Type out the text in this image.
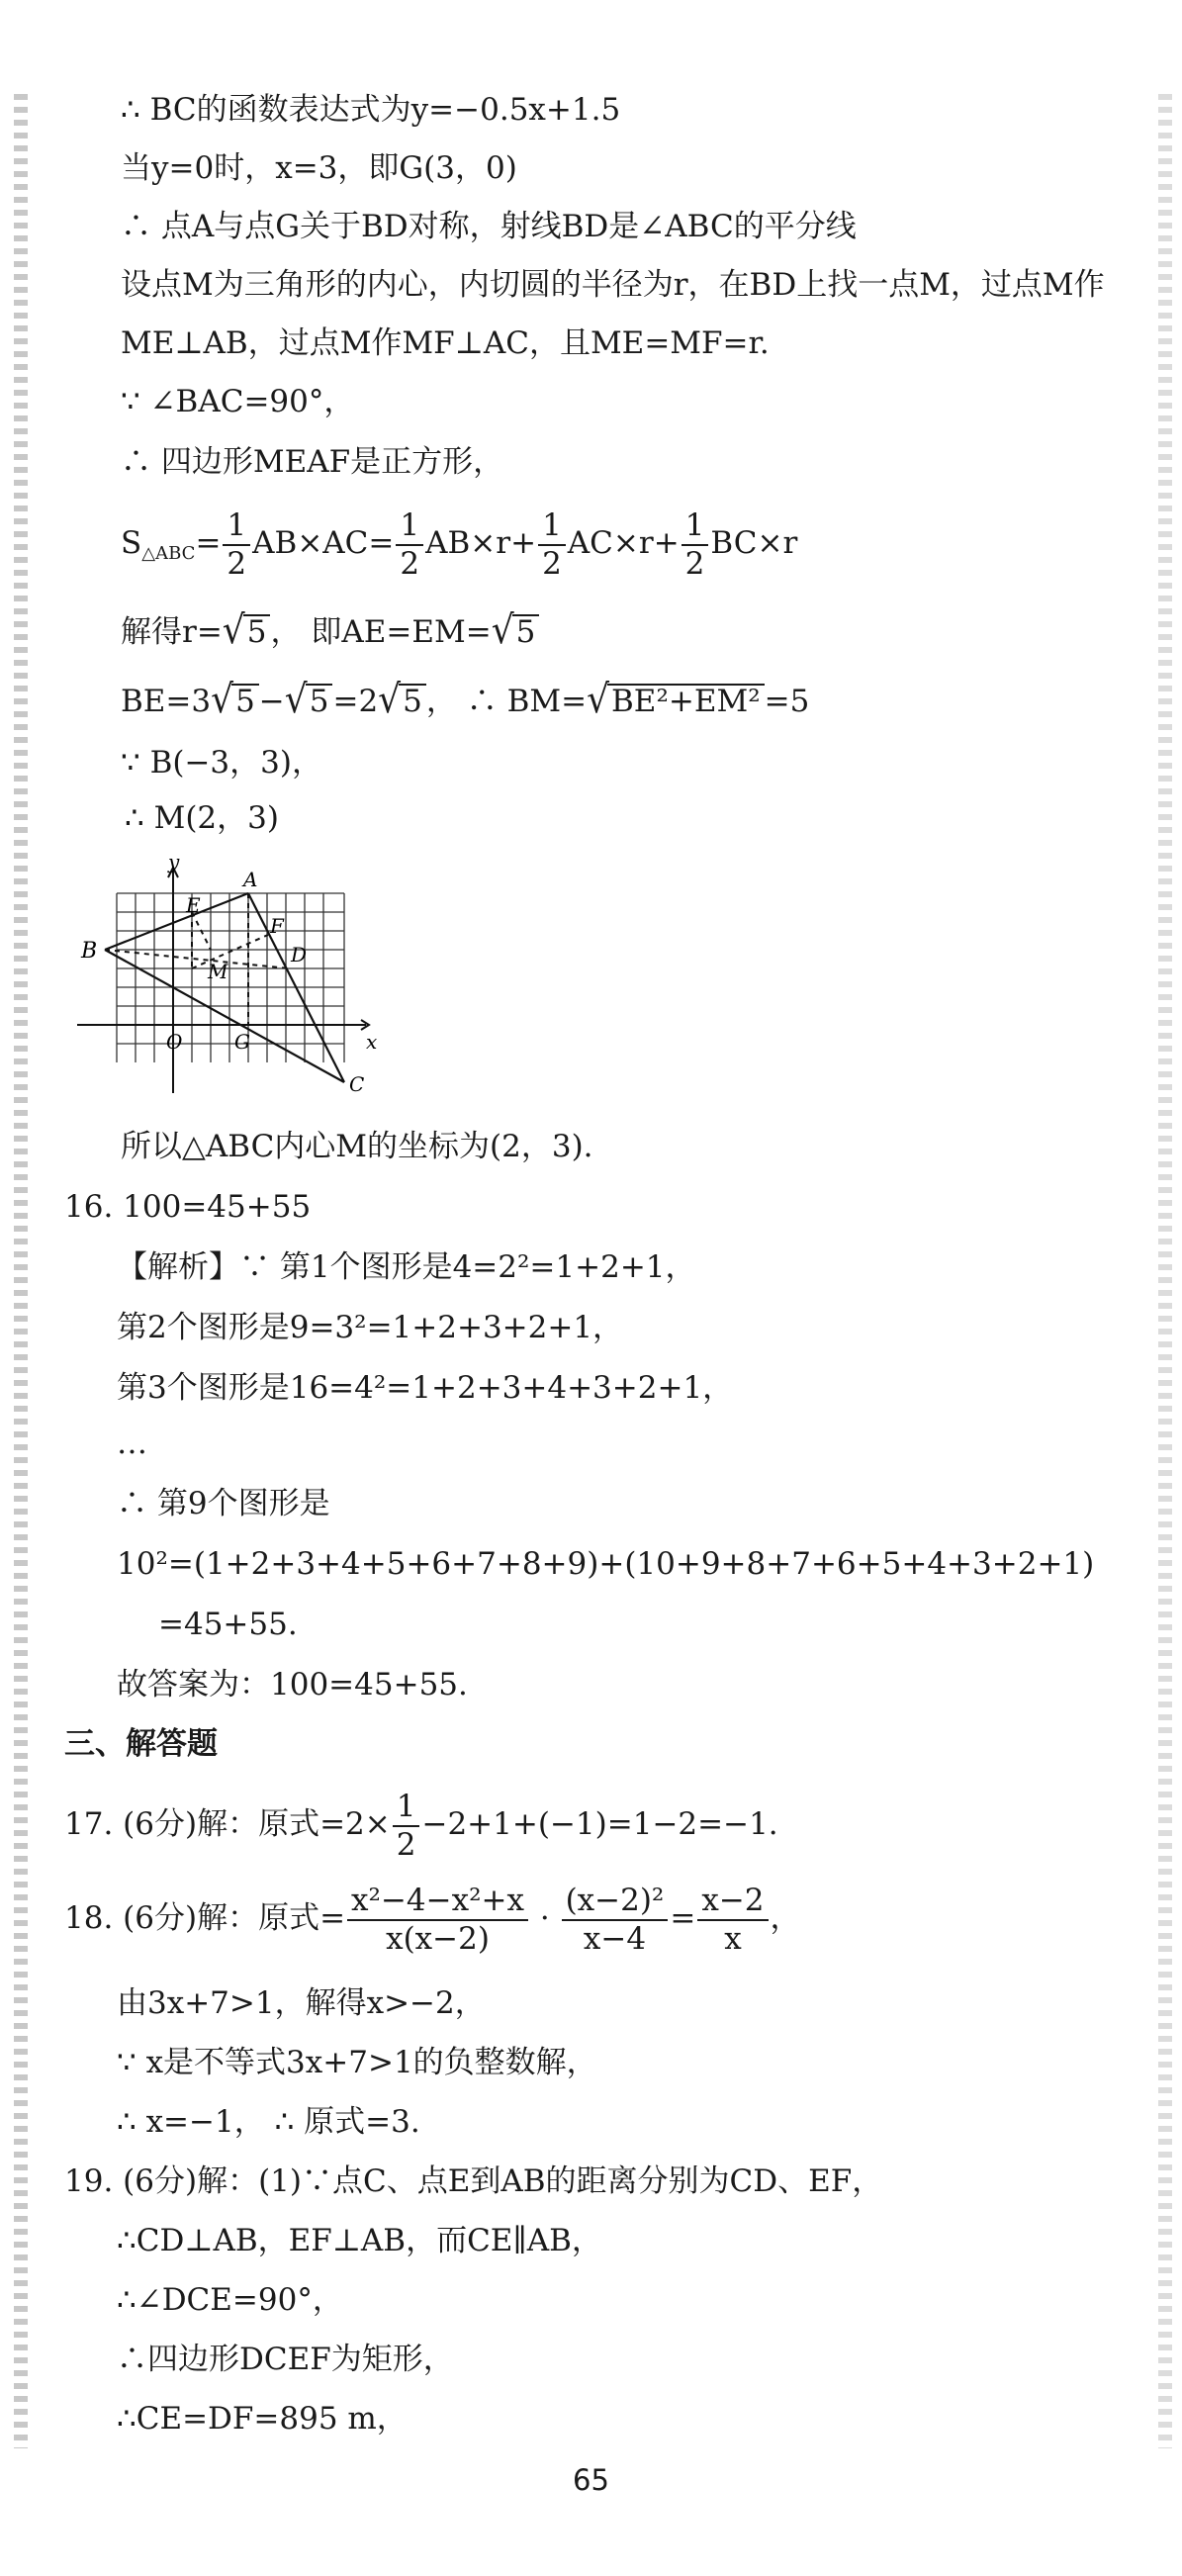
∴ BC的函数表达式为y=−0.5x+1.5
当y=0时，x=3，即G(3，0)
∴ 点A与点G关于BD对称，射线BD是∠ABC的平分线
设点M为三角形的内心，内切圆的半径为r，在BD上找一点M，过点M作
ME⊥AB，过点M作MF⊥AC，且ME=MF=r.
∵ ∠BAC=90°，
∴ 四边形MEAF是正方形，
$S_{\triangle ABC}= \frac{1}{2} AB\times AC= \frac{1}{2} AB\times r+ \frac{1}{2} AC\times r+ \frac{1}{2} BC\times r$
解得r=√5 ， 即AE=EM=√5
BE=3√5 −√5 =2√5 ， ∴ BM=√BE²+EM² =5
∵ B(−3，3)，
∴ M(2，3)
y
A
B
C
D
E
F
G
M
O	x
所以△ABC内心M的坐标为(2，3).
16. 100=45+55
【解析】∵ 第1个图形是4=2²=1+2+1，
第2个图形是9=3²=1+2+3+2+1，
第3个图形是16=4²=1+2+3+4+3+2+1，
…
∴ 第9个图形是
10²=(1+2+3+4+5+6+7+8+9)+(10+9+8+7+6+5+4+3+2+1)
=45+55.
故答案为：100=45+55.
三、解答题
17. (6分)解：原式$=2\times \frac{1}{2} -2+1+(-1)=1-2=-1$.
18. (6分)解：原式= $\frac{\text{x²−4−x²+x}}{x(x-2)} \cdot \frac{\text{(x−2)²}}{x-4} = \frac{x-2}{x}$ ，
由3x+7>1，解得x>−2，
∵ x是不等式3x+7>1的负整数解，
∴ x=−1， ∴ 原式=3.
19. (6分)解：(1)∵点C、点E到AB的距离分别为CD、EF，
∴CD⊥AB，EF⊥AB，而CE∥AB，
∴∠DCE=90°，
∴四边形DCEF为矩形，
∴CE=DF=895 m，
65
